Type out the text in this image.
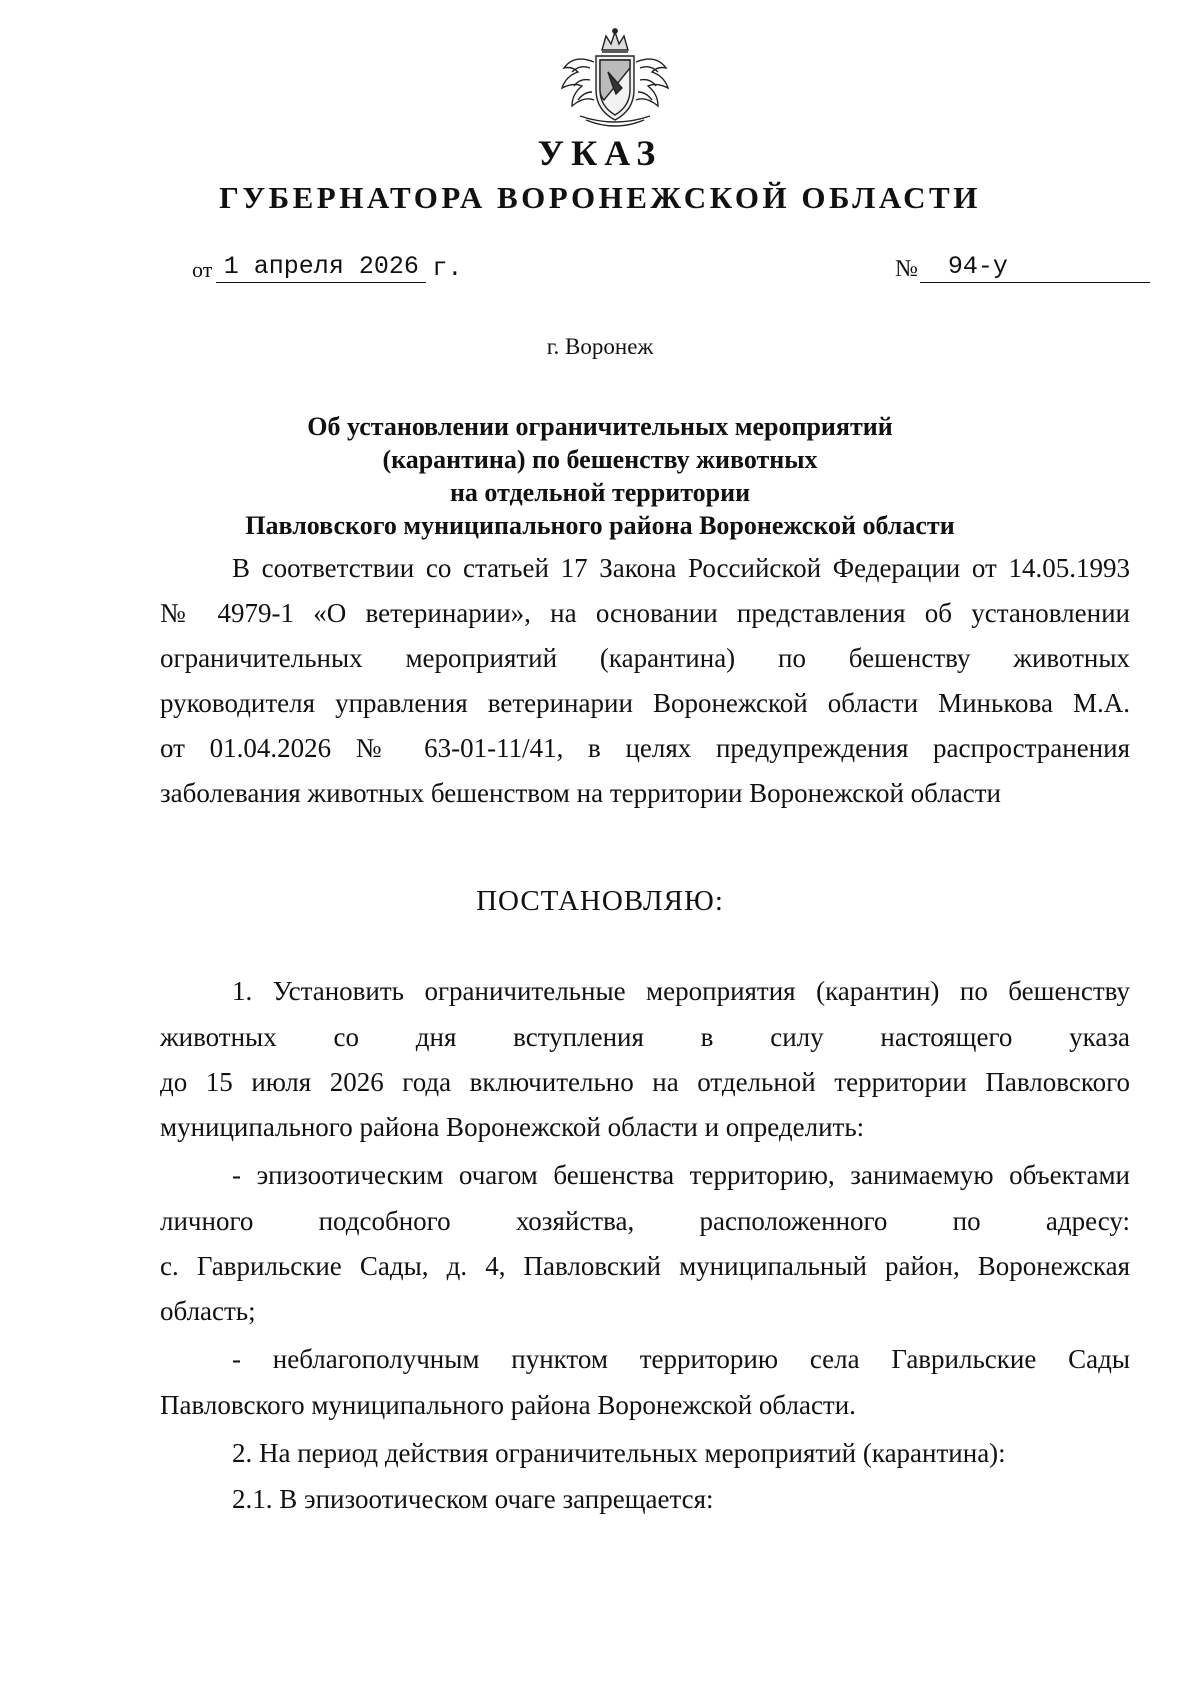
УКАЗ
ГУБЕРНАТОРА ВОРОНЕЖСКОЙ ОБЛАСТИ
от 1 апреля 2026 г.	№	94-у
г. Воронеж
Об установлении ограничительных мероприятий
(карантина) по бешенству животных
на отдельной территории
Павловского муниципального района Воронежской области
В соответствии со статьей 17 Закона Российской Федерации от 14.05.1993
№ 4979-1 «О ветеринарии», на основании представления об установлении
ограничительных мероприятий (карантина) по бешенству животных
руководителя управления ветеринарии Воронежской области Минькова М.А.
от 01.04.2026 № 63-01-11/41, в целях предупреждения распространения
заболевания животных бешенством на территории Воронежской области
ПОСТАНОВЛЯЮ:
1. Установить ограничительные мероприятия (карантин) по бешенству
животных со дня вступления в силу настоящего указа
до 15 июля 2026 года включительно на отдельной территории Павловского
муниципального района Воронежской области и определить:
- эпизоотическим очагом бешенства территорию, занимаемую объектами
личного подсобного хозяйства, расположенного по адресу:
с. Гаврильские Сады, д. 4, Павловский муниципальный район, Воронежская
область;
- неблагополучным пунктом территорию села Гаврильские Сады
Павловского муниципального района Воронежской области.
2. На период действия ограничительных мероприятий (карантина):
2.1. В эпизоотическом очаге запрещается:
